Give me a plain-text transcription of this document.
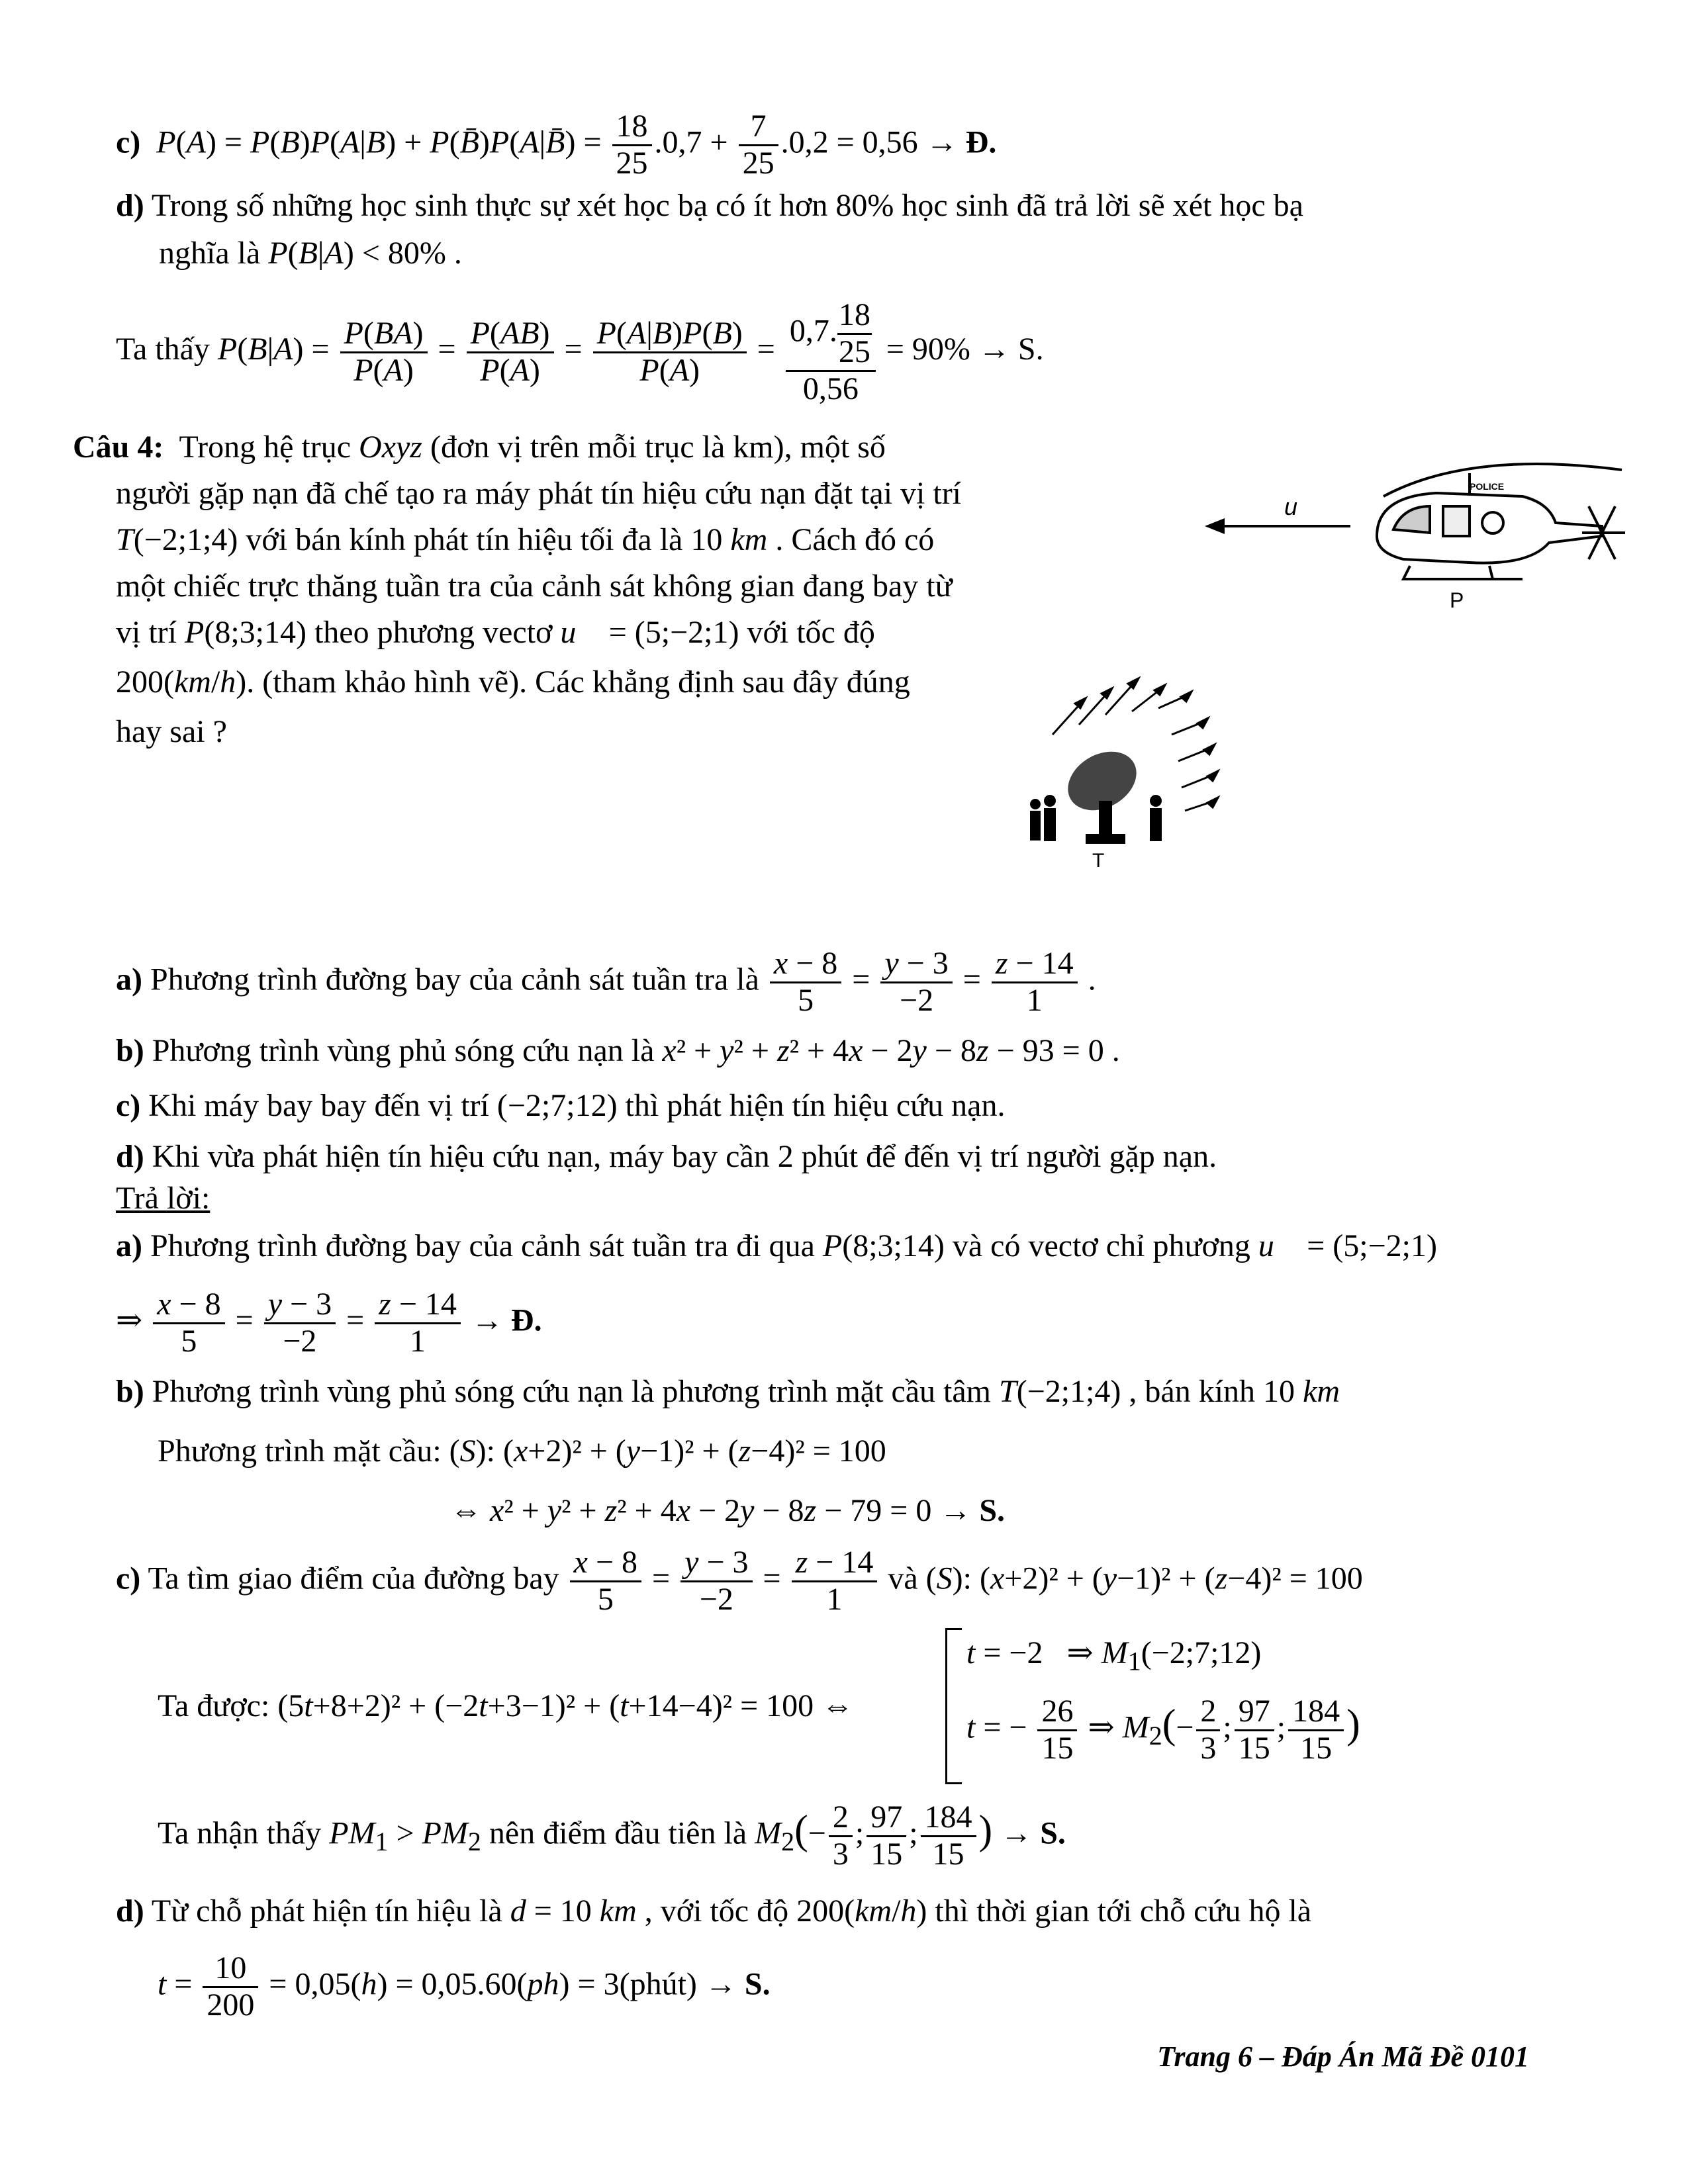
c) P(A) = P(B)P(A|B) + P(B̄)P(A|B̄) = $\frac{18}{25} .0,7 + \frac{7}{25} .0,2 = 0,56$ → Đ.
d) Trong số những học sinh thực sự xét học bạ có ít hơn 80% học sinh đã trả lời sẽ xét học bạ
nghĩa là P(B|A) < 80% .
Ta thấy $P(B|A) = \frac{P(BA)}{P(A)} = \frac{P(AB)}{P(A)} = \frac{P(A|B)P(B)}{P(A)} = \frac{0,7. \frac{18}{25}}{0,56} = 90\% \to S$.
Câu 4:  Trong hệ trục Oxyz (đơn vị trên mỗi trục là km), một số
người gặp nạn đã chế tạo ra máy phát tín hiệu cứu nạn đặt tại vị trí
T(−2;1;4) với bán kính phát tín hiệu tối đa là 10 km . Cách đó có
một chiếc trực thăng tuần tra của cảnh sát không gian đang bay từ
vị trí P(8;3;14) theo phương vectơ u⃗ = (5;−2;1) với tốc độ
200(km/h). (tham khảo hình vẽ). Các khẳng định sau đây đúng
hay sai ?
u
POLICE
P
T
a) Phương trình đường bay của cảnh sát tuần tra là $\frac{x - 8}{5} = \frac{y - 3}{-2} = \frac{z - 14}{1}$ .
b) Phương trình vùng phủ sóng cứu nạn là x² + y² + z² + 4x − 2y − 8z − 93 = 0 .
c) Khi máy bay bay đến vị trí (−2;7;12) thì phát hiện tín hiệu cứu nạn.
d) Khi vừa phát hiện tín hiệu cứu nạn, máy bay cần 2 phút để đến vị trí người gặp nạn.
Trả lời:
a) Phương trình đường bay của cảnh sát tuần tra đi qua P(8;3;14) và có vectơ chỉ phương u⃗ = (5;−2;1)
⇒ $\frac{x - 8}{5} = \frac{y - 3}{-2} = \frac{z - 14}{1}$ → Đ.
b) Phương trình vùng phủ sóng cứu nạn là phương trình mặt cầu tâm T(−2;1;4) , bán kính 10 km
Phương trình mặt cầu: (S): (x+2)² + (y−1)² + (z−4)² = 100
⇔ x² + y² + z² + 4x − 2y − 8z − 79 = 0 → S.
c) Ta tìm giao điểm của đường bay $\frac{x - 8}{5} = \frac{y - 3}{-2} = \frac{z - 14}{1}$ và (S): (x+2)² + (y−1)² + (z−4)² = 100
Ta được: (5t+8+2)² + (−2t+3−1)² + (t+14−4)² = 100 ⇔
t = −2   ⇒ $M_1(-2;7;12)$
t = − $\frac{26}{15}$ ⇒ $M_2(- \frac{2}{3}$ ; $\frac{97}{15}$ ; $\frac{184}{15}$ )
Ta nhận thấy $PM_1 > PM_2$ nên điểm đầu tiên là $M_2(- \frac{2}{3}$ ; $\frac{97}{15}$ ; $\frac{184}{15}$ ) → S.
d) Từ chỗ phát hiện tín hiệu là d = 10 km , với tốc độ 200(km/h) thì thời gian tới chỗ cứu hộ là
$t = \frac{10}{200} = 0,05(h) = 0,05.60(ph)$ = 3(phút) → S.
Trang 6 – Đáp Án Mã Đề 0101
